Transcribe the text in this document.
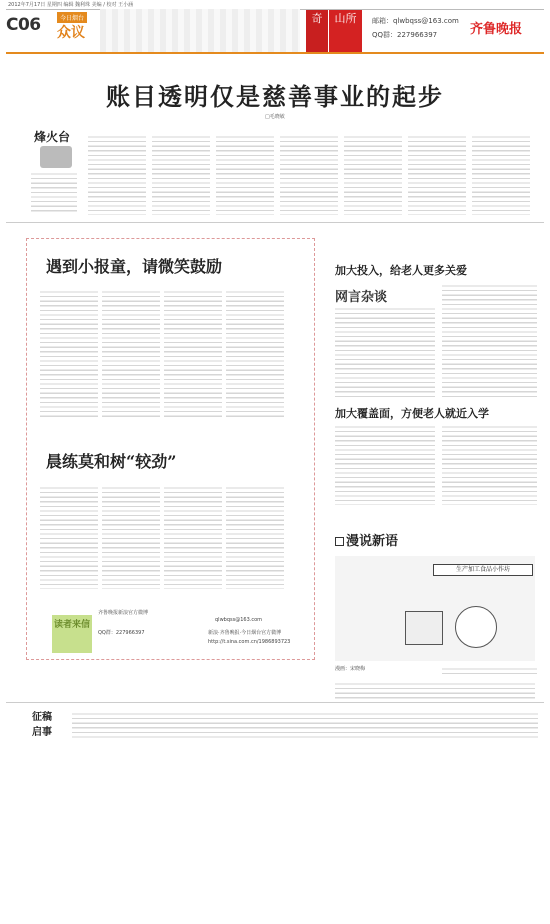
2012年7月17日 星期四 编辑 魏利珠 美编 / 校对 王小涵
C06	今日烟台
众议
奇	山所	邮箱：qlwbqss@163.com
QQ群：227966397	齐鲁晚报
账目透明仅是慈善事业的起步
□毛晓敏
烽火台
遇到小报童，请微笑鼓励
晨练莫和树“较劲”
读者来信
齐鲁晚报新浪官方微博
QQ群：227966397
qlwbqss@163.com
新浪·齐鲁晚报·今日烟台官方微博
http://t.sina.com.cn/1986893723
加大投入，给老人更多关爱
网言杂谈
加大覆盖面，方便老人就近入学
漫说新语
生产加工食品小作坊
漫画：宋晓梅
征稿
启事
